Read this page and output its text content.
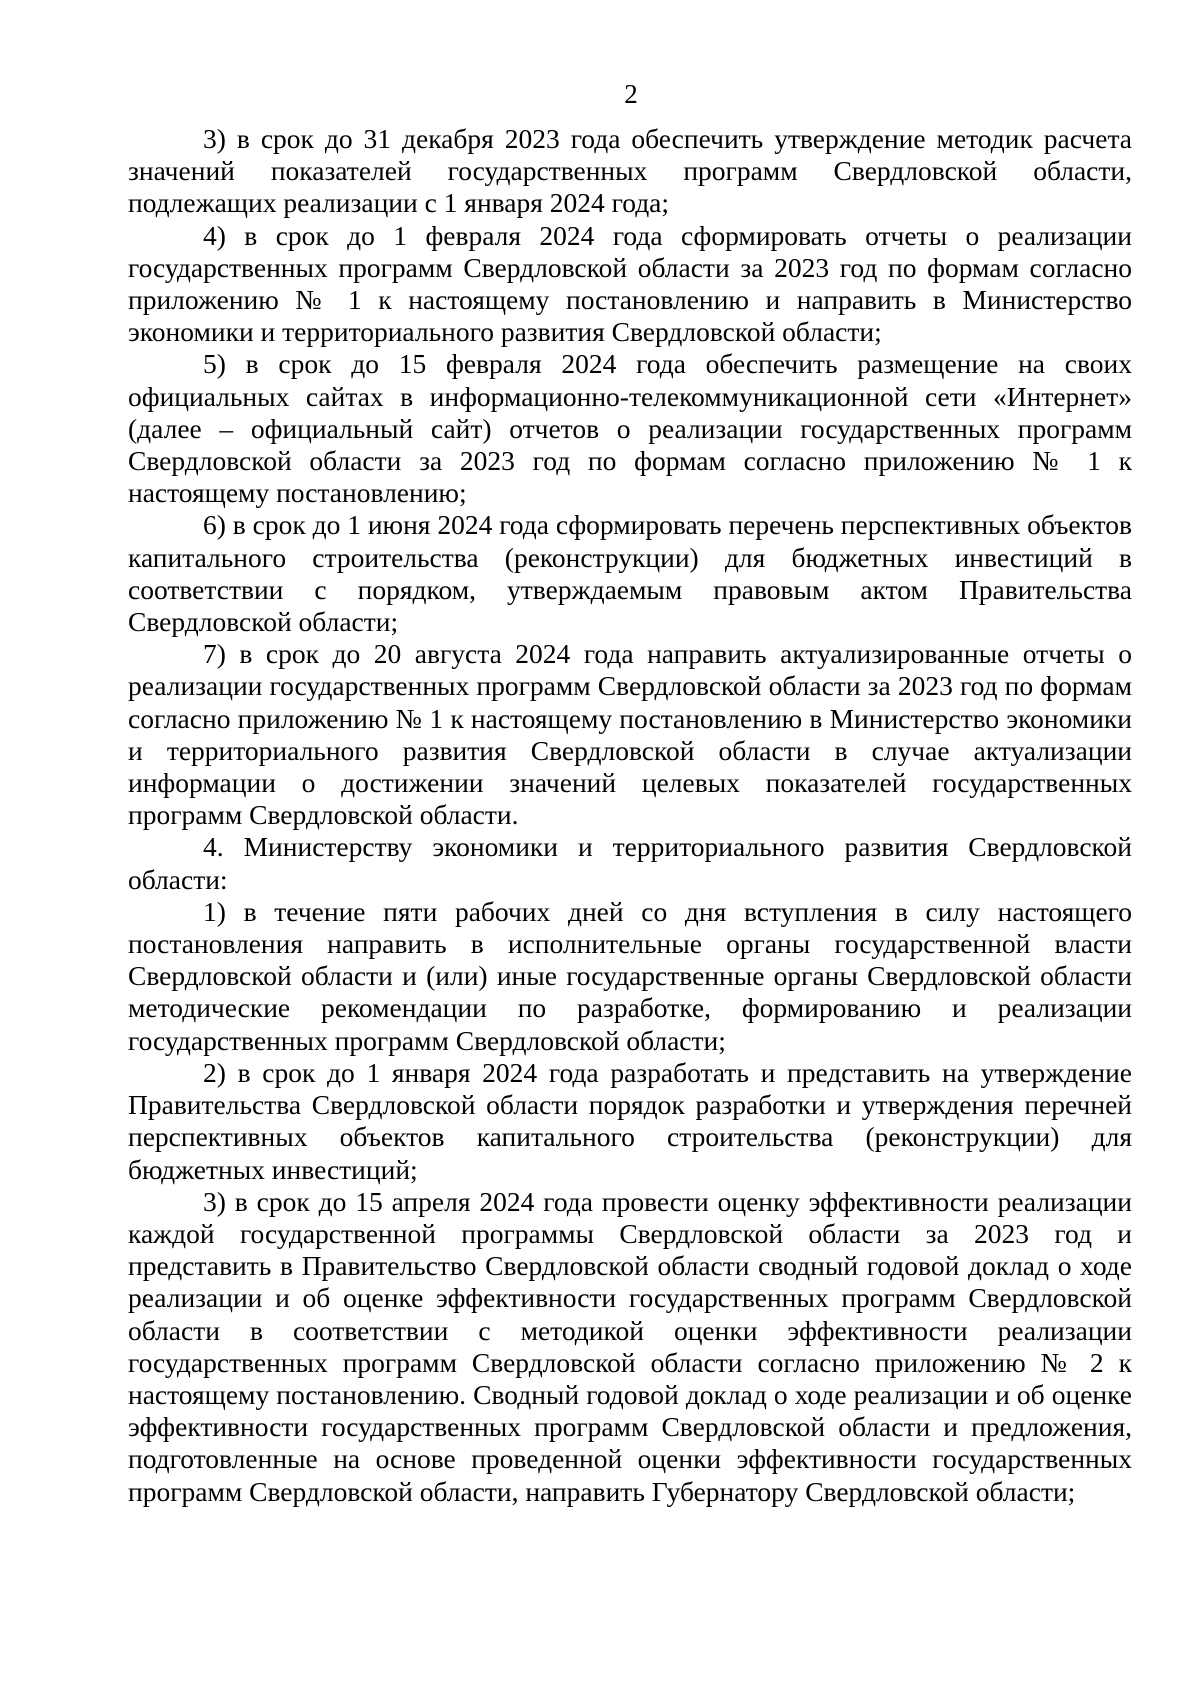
2

3) в срок до 31 декабря 2023 года обеспечить утверждение методик расчета значений показателей государственных программ Свердловской области, подлежащих реализации с 1 января 2024 года;

4) в срок до 1 февраля 2024 года сформировать отчеты о реализации государственных программ Свердловской области за 2023 год по формам согласно приложению № 1 к настоящему постановлению и направить в Министерство экономики и территориального развития Свердловской области;

5) в срок до 15 февраля 2024 года обеспечить размещение на своих официальных сайтах в информационно-телекоммуникационной сети «Интернет» (далее – официальный сайт) отчетов о реализации государственных программ Свердловской области за 2023 год по формам согласно приложению № 1 к настоящему постановлению;

6) в срок до 1 июня 2024 года сформировать перечень перспективных объектов капитального строительства (реконструкции) для бюджетных инвестиций в соответствии с порядком, утверждаемым правовым актом Правительства Свердловской области;

7) в срок до 20 августа 2024 года направить актуализированные отчеты о реализации государственных программ Свердловской области за 2023 год по формам согласно приложению № 1 к настоящему постановлению в Министерство экономики и территориального развития Свердловской области в случае актуализации информации о достижении значений целевых показателей государственных программ Свердловской области.

4. Министерству экономики и территориального развития Свердловской области:

1) в течение пяти рабочих дней со дня вступления в силу настоящего постановления направить в исполнительные органы государственной власти Свердловской области и (или) иные государственные органы Свердловской области методические рекомендации по разработке, формированию и реализации государственных программ Свердловской области;

2) в срок до 1 января 2024 года разработать и представить на утверждение Правительства Свердловской области порядок разработки и утверждения перечней перспективных объектов капитального строительства (реконструкции) для бюджетных инвестиций;

3) в срок до 15 апреля 2024 года провести оценку эффективности реализации каждой государственной программы Свердловской области за 2023 год и представить в Правительство Свердловской области сводный годовой доклад о ходе реализации и об оценке эффективности государственных программ Свердловской области в соответствии с методикой оценки эффективности реализации государственных программ Свердловской области согласно приложению № 2 к настоящему постановлению. Сводный годовой доклад о ходе реализации и об оценке эффективности государственных программ Свердловской области и предложения, подготовленные на основе проведенной оценки эффективности государственных программ Свердловской области, направить Губернатору Свердловской области;
